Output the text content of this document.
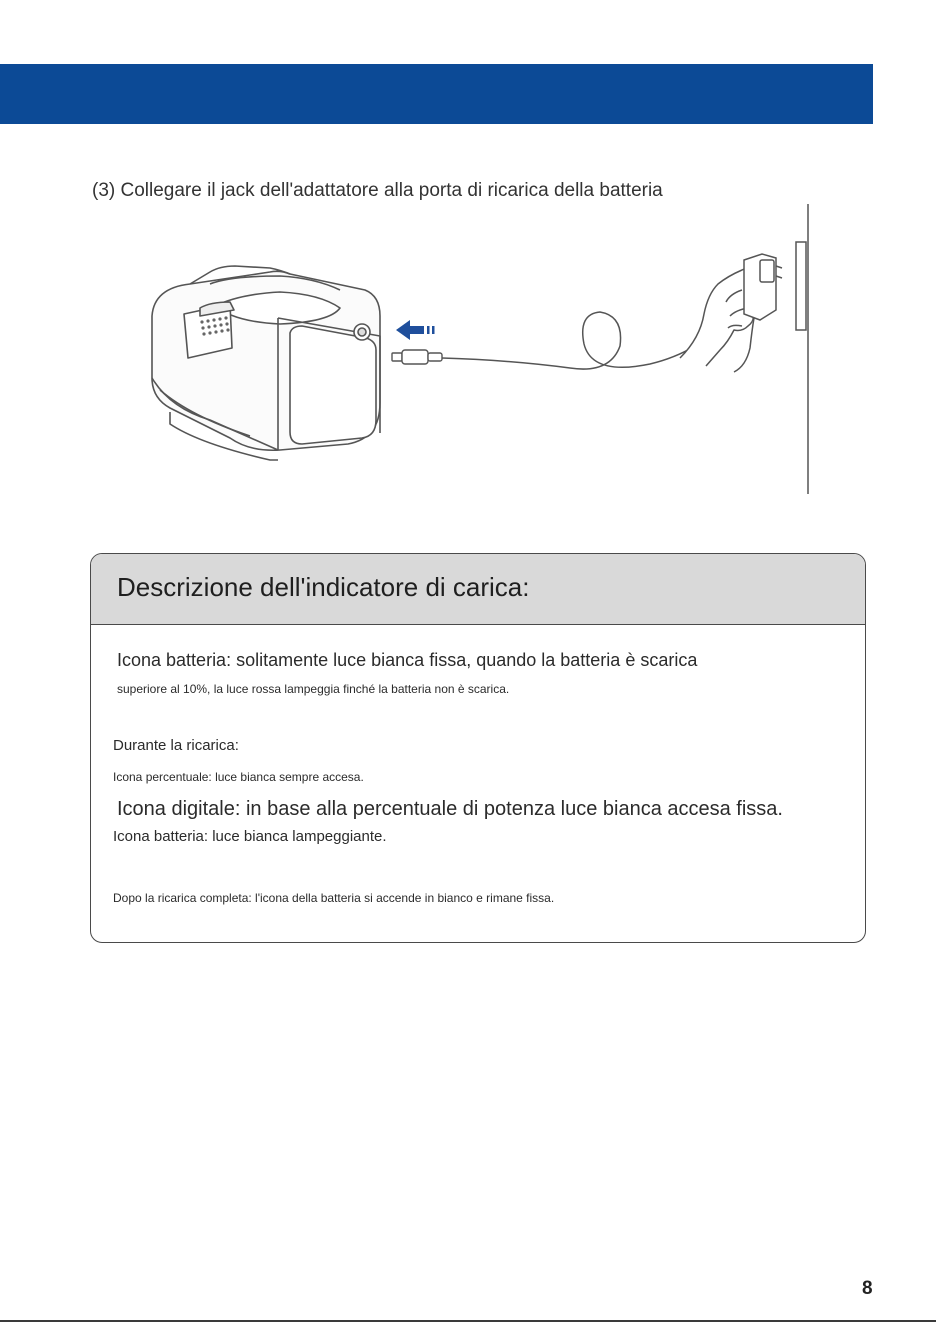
(3) Collegare il jack dell'adattatore alla porta di ricarica della batteria
Descrizione dell'indicatore di carica:
Icona batteria: solitamente luce bianca fissa, quando la batteria è scarica
superiore al 10%, la luce rossa lampeggia finché la batteria non è scarica.
Durante la ricarica:
Icona percentuale: luce bianca sempre accesa.
Icona digitale: in base alla percentuale di potenza luce bianca accesa fissa.
Icona batteria: luce bianca lampeggiante.
Dopo la ricarica completa: l'icona della batteria si accende in bianco e rimane fissa.
8
